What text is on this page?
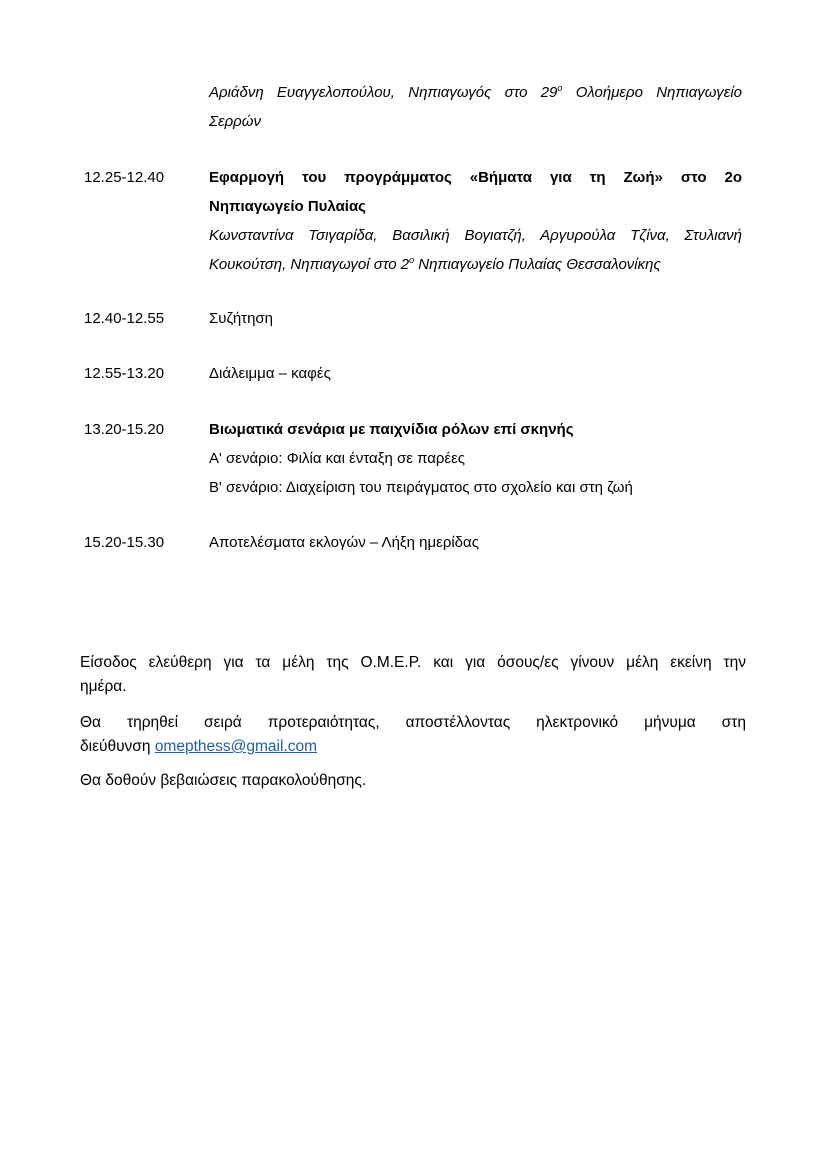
Αριάδνη Ευαγγελοπούλου, Νηπιαγωγός στο $29^o$ Ολοήμερο Νηπιαγωγείο
Σερρών
12.25-12.40	Εφαρμογή του προγράμματος «Βήματα για τη Ζωή» στο 2ο
Νηπιαγωγείο Πυλαίας
Κωνσταντίνα Τσιγαρίδα, Βασιλική Βογιατζή, Αργυρούλα Τζίνα, Στυλιανή
Κουκούτση, Νηπιαγωγοί στο $2^o$ Νηπιαγωγείο Πυλαίας Θεσσαλονίκης
12.40-12.55	Συζήτηση
12.55-13.20	Διάλειμμα – καφές
13.20-15.20	Βιωματικά σενάρια με παιχνίδια ρόλων επί σκηνής
Α' σενάριο: Φιλία και ένταξη σε παρέες
Β' σενάριο: Διαχείριση του πειράγματος στο σχολείο και στη ζωή
15.20-15.30	Αποτελέσματα εκλογών – Λήξη ημερίδας
Είσοδος ελεύθερη για τα μέλη της Ο.Μ.Ε.Ρ. και για όσους/ες γίνουν μέλη εκείνη την
ημέρα.
Θα τηρηθεί σειρά προτεραιότητας, αποστέλλοντας ηλεκτρονικό μήνυμα στη
διεύθυνση omepthess@gmail.com
Θα δοθούν βεβαιώσεις παρακολούθησης.
